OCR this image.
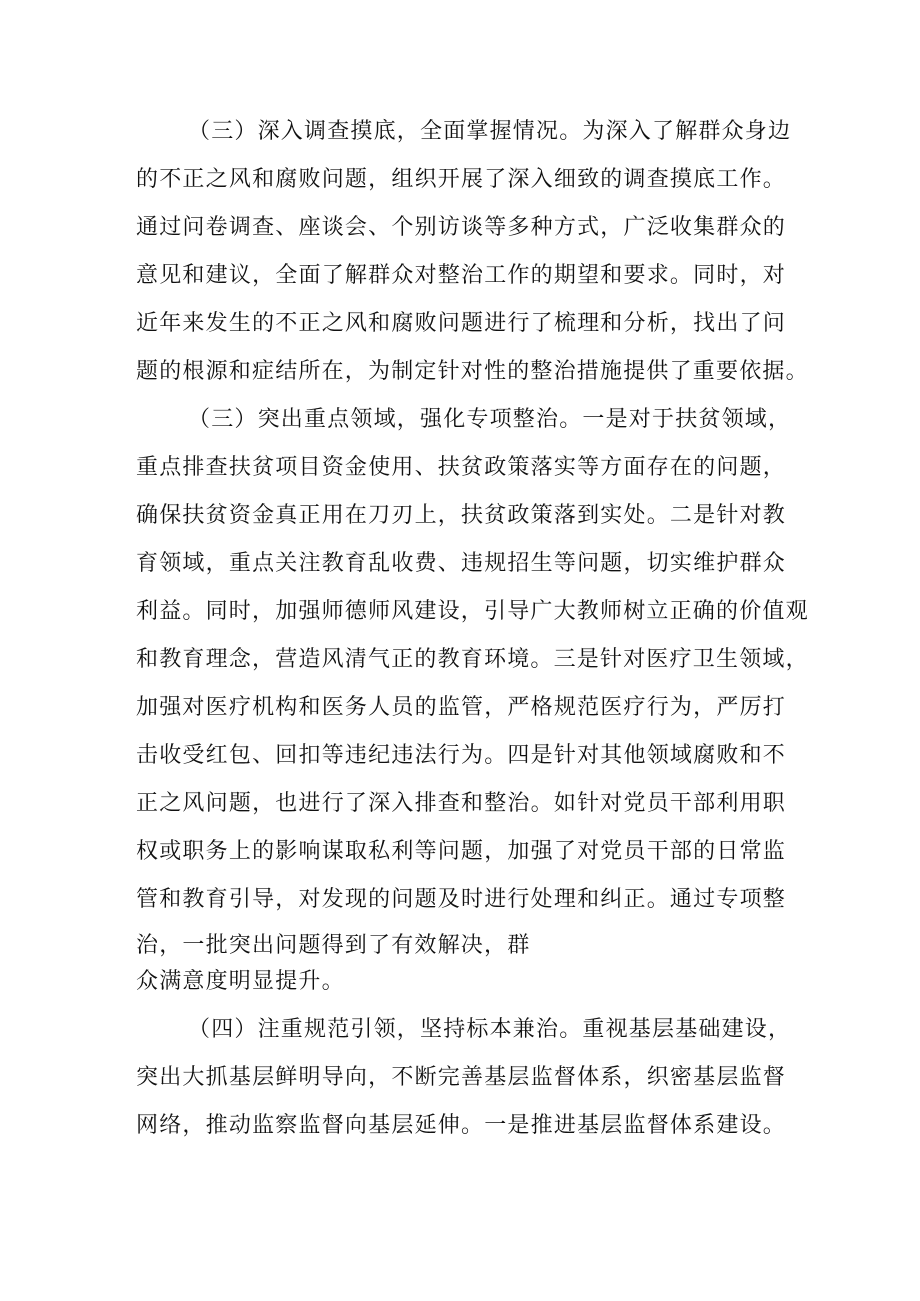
（三）深入调查摸底，全面掌握情况。为深入了解群众身边
的不正之风和腐败问题，组织开展了深入细致的调查摸底工作。
通过问卷调查、座谈会、个别访谈等多种方式，广泛收集群众的
意见和建议，全面了解群众对整治工作的期望和要求。同时，对
近年来发生的不正之风和腐败问题进行了梳理和分析，找出了问
题的根源和症结所在，为制定针对性的整治措施提供了重要依据。
（三）突出重点领域，强化专项整治。一是对于扶贫领域，
重点排查扶贫项目资金使用、扶贫政策落实等方面存在的问题，
确保扶贫资金真正用在刀刃上，扶贫政策落到实处。二是针对教
育领域，重点关注教育乱收费、违规招生等问题，切实维护群众
利益。同时，加强师德师风建设，引导广大教师树立正确的价值观
和教育理念，营造风清气正的教育环境。三是针对医疗卫生领域，
加强对医疗机构和医务人员的监管，严格规范医疗行为，严厉打
击收受红包、回扣等违纪违法行为。四是针对其他领域腐败和不
正之风问题，也进行了深入排查和整治。如针对党员干部利用职
权或职务上的影响谋取私利等问题，加强了对党员干部的日常监
管和教育引导，对发现的问题及时进行处理和纠正。通过专项整
治，一批突出问题得到了有效解决，群
众满意度明显提升。
（四）注重规范引领，坚持标本兼治。重视基层基础建设，
突出大抓基层鲜明导向，不断完善基层监督体系，织密基层监督
网络，推动监察监督向基层延伸。一是推进基层监督体系建设。
